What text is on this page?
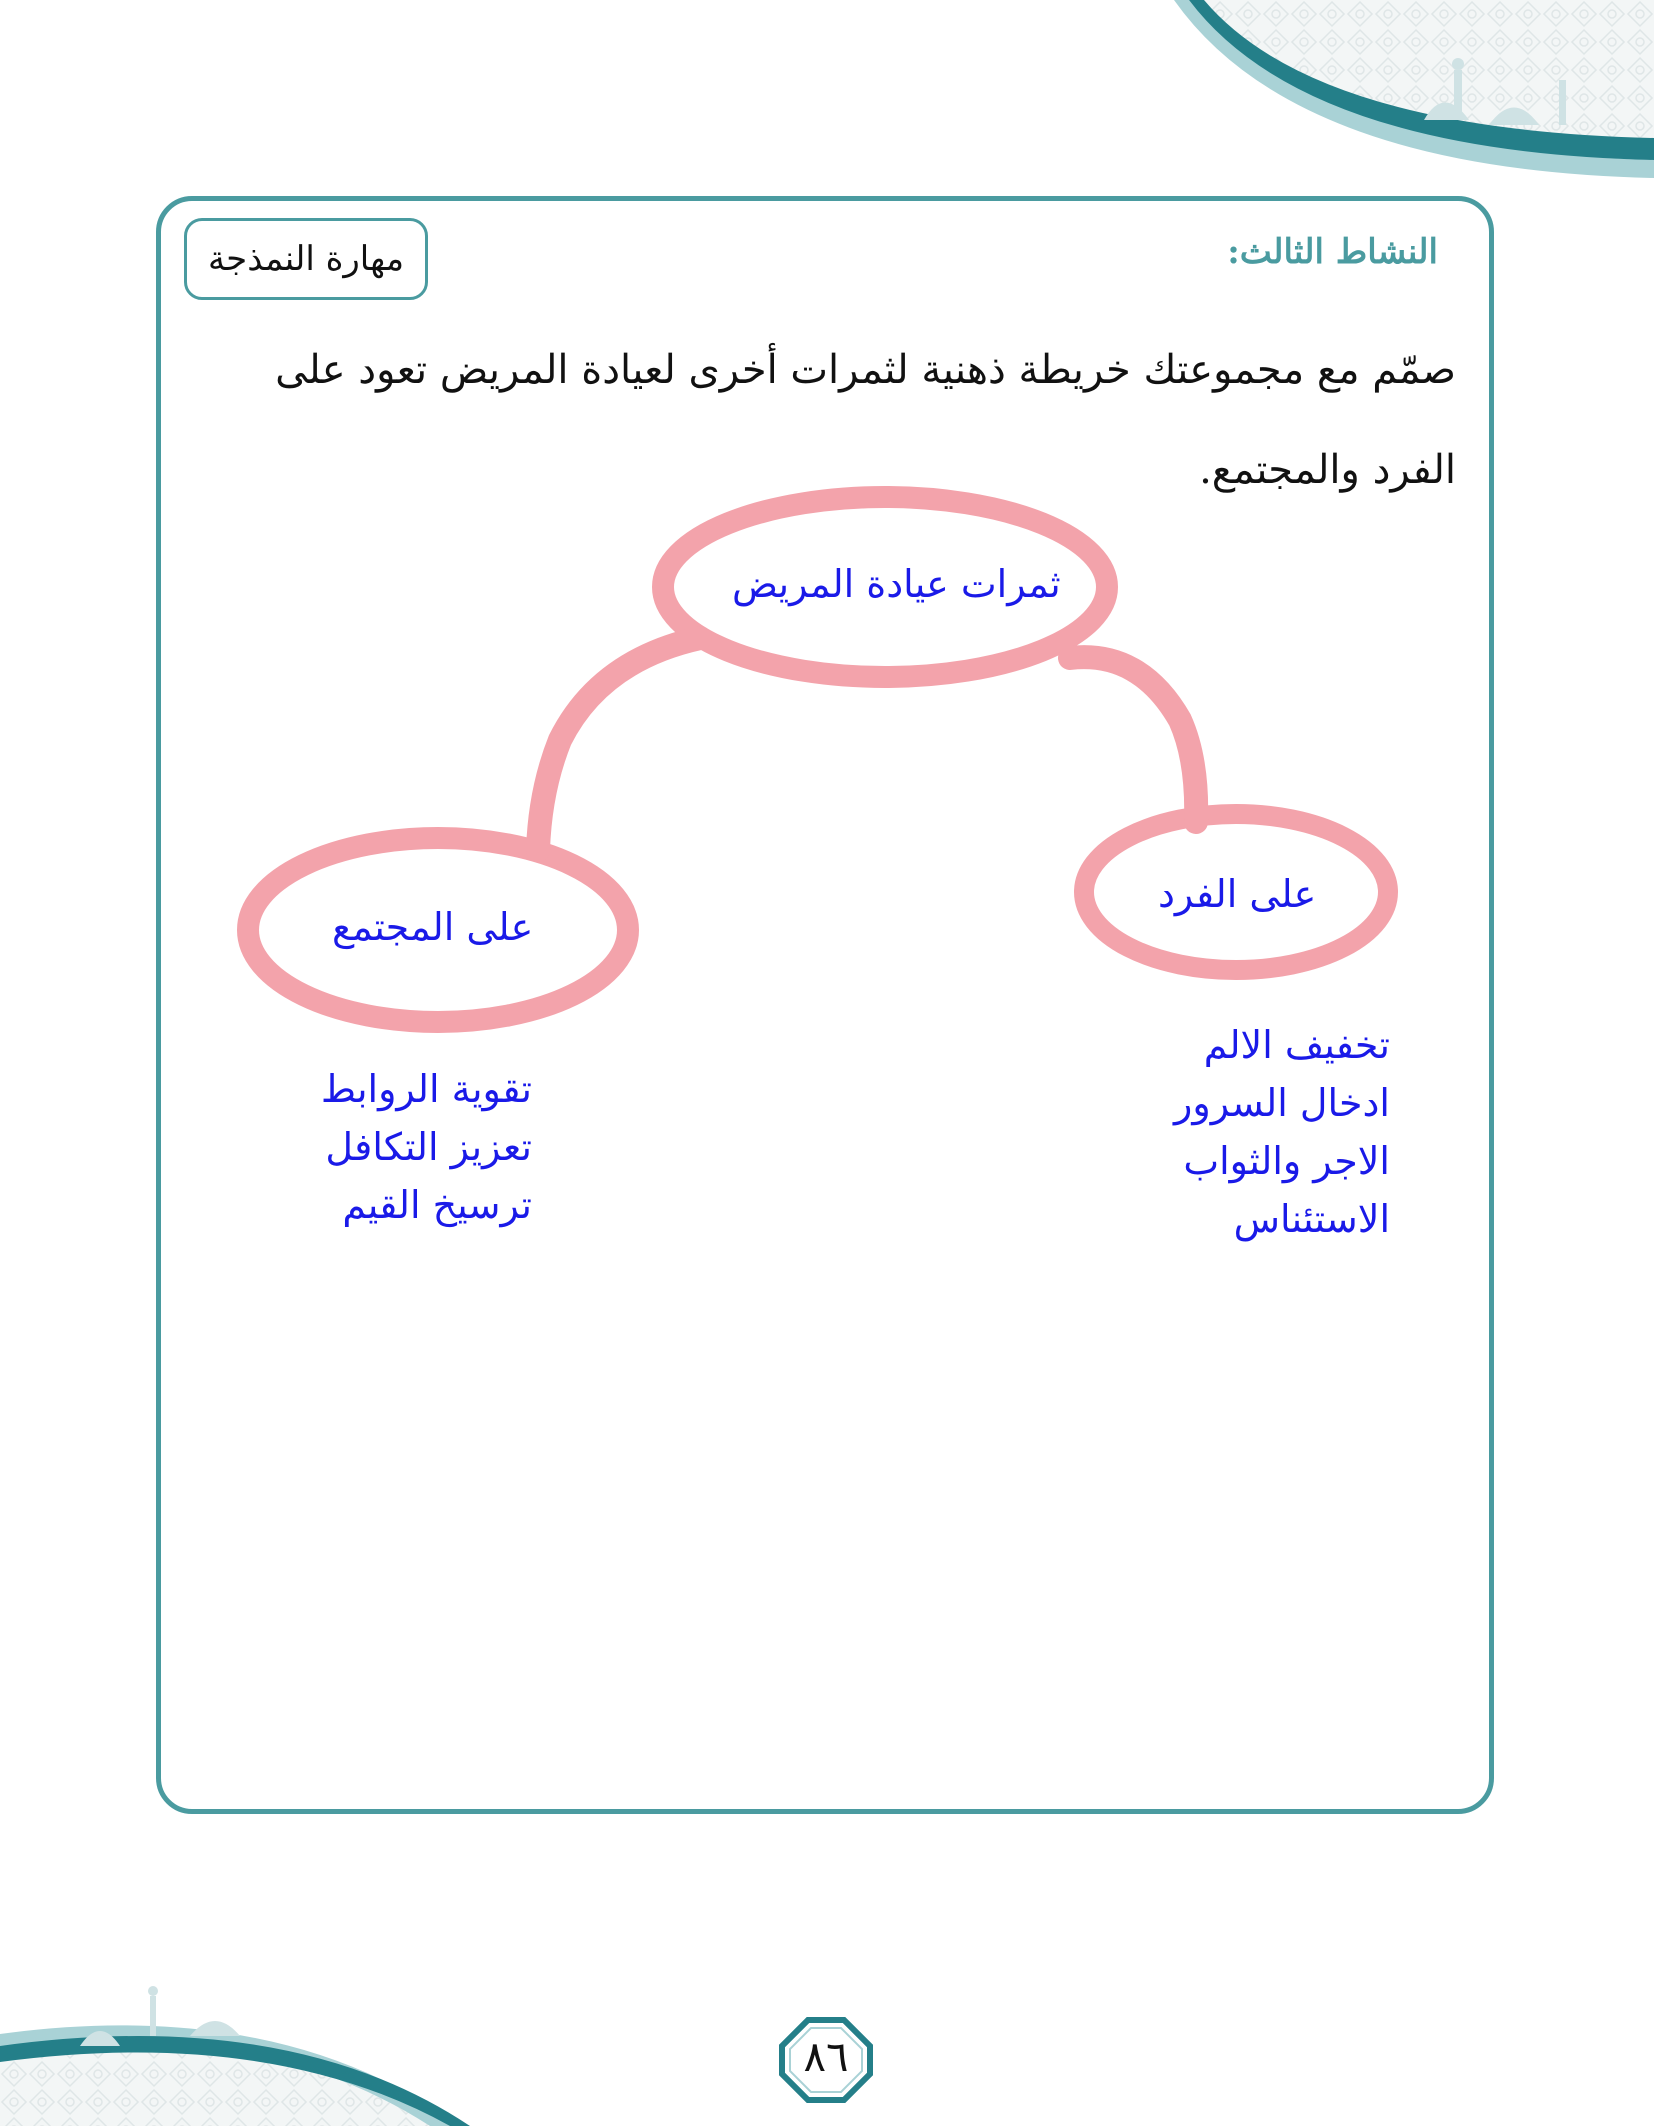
النشاط الثالث:
مهارة النمذجة
صمّم مع مجموعتك خريطة ذهنية لثمرات أخرى لعيادة المريض تعود على الفرد والمجتمع.
ثمرات عيادة المريض
على المجتمع
على الفرد
تقوية الروابط
تعزيز التكافل
ترسيخ القيم
تخفيف الالم
ادخال السرور
الاجر والثواب
الاستئناس
٨٦
